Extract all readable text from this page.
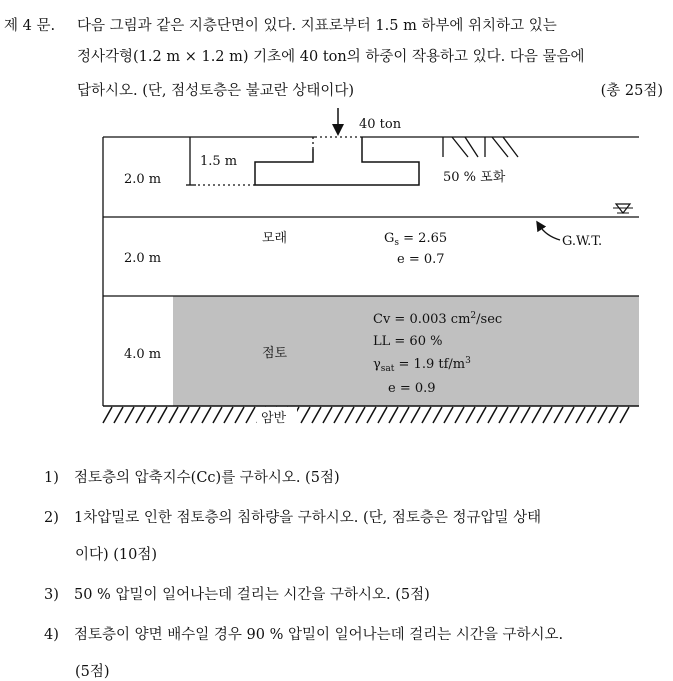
제 4 문. 다음 그림과 같은 지층단면이 있다. 지표로부터 1.5 m 하부에 위치하고 있는
정사각형(1.2 m × 1.2 m) 기초에 40 ton의 하중이 작용하고 있다. 다음 물음에
답하시오. (단, 점성토층은 불교란 상태이다)	(총 25점)
1.5 m
40 ton
50 % 포화
2.0 m
2.0 m
4.0 m
모래	$G_s = 2.65$
e = 0.7
G.W.T.
점토
Cv = 0.003 $cm^2/\sec$
LL = 60 %
$\gamma_{sat} = 1.9$ $tf/m^3$
e = 0.9
암반
1) 점토층의 압축지수(Cc)를 구하시오. (5점)
2) 1차압밀로 인한 점토층의 침하량을 구하시오. (단, 점토층은 정규압밀 상태
이다) (10점)
3) 50 % 압밀이 일어나는데 걸리는 시간을 구하시오. (5점)
4) 점토층이 양면 배수일 경우 90 % 압밀이 일어나는데 걸리는 시간을 구하시오.
(5점)
